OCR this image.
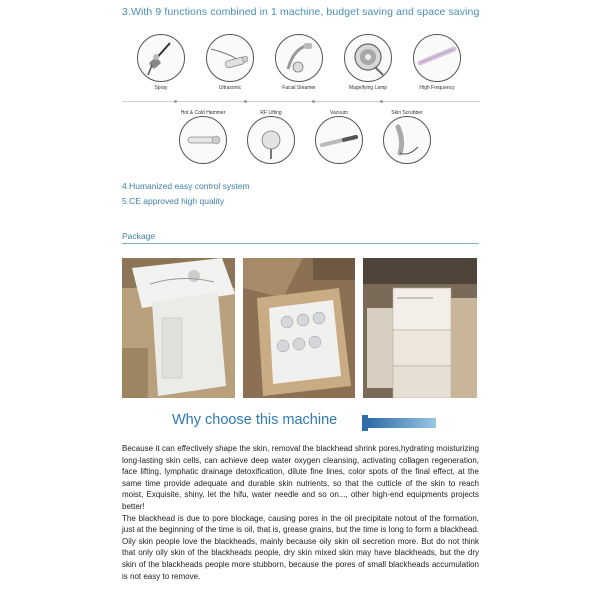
3.With 9 functions combined in 1 machine, budget saving and space saving
Spray	Ultrasonic	Facial Steamer	Magnifying Lamp	High Frequency
Hot & Cold Hammer	RF Lifting	Vacuum	Skin Scrubber
4.Humanized easy control system
5.CE approved high quality
Package
Why choose this machine

Because it can effectively shape the skin, removal the blackhead shrink pores,hydrating moisturizing long-lasting skin cells, can achieve deep water oxygen cleansing, activating collagen regeneration, face lifting, lymphatic drainage detoxification, dilute fine lines, color spots of the final effect, at the same time provide adequate and durable skin nutrients, so that the cutticle of the skin to reach moist, Exquisite, shiny, let the hifu, water needle and so on..., other high-end equipments projects better!

The blackhead is due to pore blockage, causing pores in the oil precipitate notout of the formation, just at the beginning of the time is oil, that is, grease grains, but the time is long to form a blackhead. Oily skin people love the blackheads, mainly because oily skin oil secretion more. But do not think that only oily skin of the blackheads people, dry skin mixed skin may have blackheads, but the dry skin of the blackheads people more stubborn, because the pores of small blackheads accumulation is not easy to remove.
